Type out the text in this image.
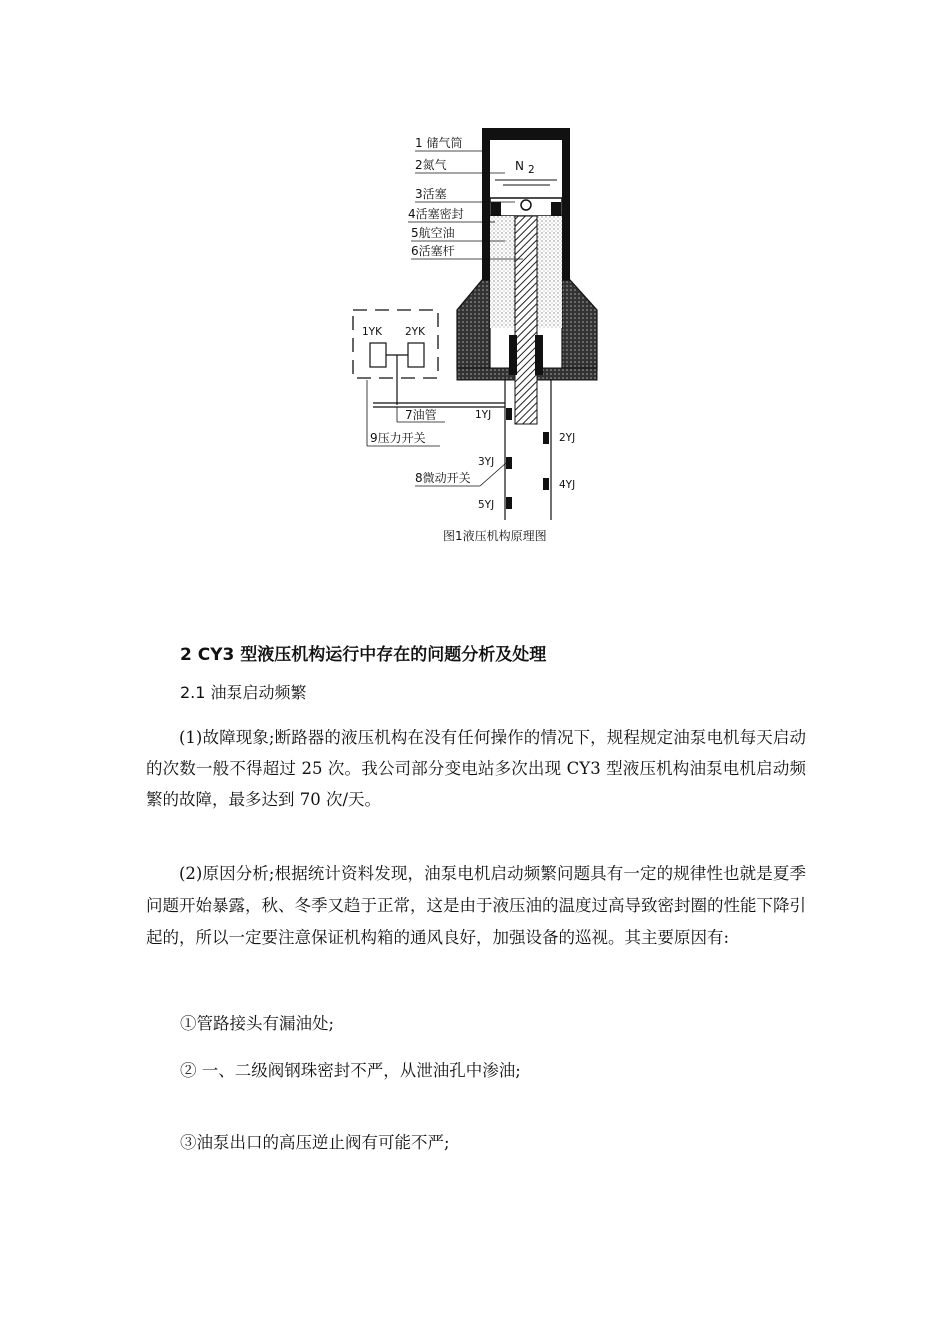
N 2
1YJ
2YJ
3YJ
4YJ
5YJ
1YK 2YK
1 储气筒
2氮气
3活塞
4活塞密封
5航空油
6活塞杆
7油管
9压力开关
8微动开关
图1液压机构原理图
2 CY3 型液压机构运行中存在的问题分析及处理
2.1 油泵启动频繁

(1)故障现象;断路器的液压机构在没有任何操作的情况下，规程规定油泵电机每天启动的次数一般不得超过 25 次。我公司部分变电站多次出现 CY3 型液压机构油泵电机启动频繁的故障，最多达到 70 次/天。

(2)原因分析;根据统计资料发现，油泵电机启动频繁问题具有一定的规律性也就是夏季问题开始暴露，秋、冬季又趋于正常，这是由于液压油的温度过高导致密封圈的性能下降引起的，所以一定要注意保证机构箱的通风良好，加强设备的巡视。其主要原因有:

①管路接头有漏油处;
② 一、二级阀钢珠密封不严，从泄油孔中渗油;
③油泵出口的高压逆止阀有可能不严;
